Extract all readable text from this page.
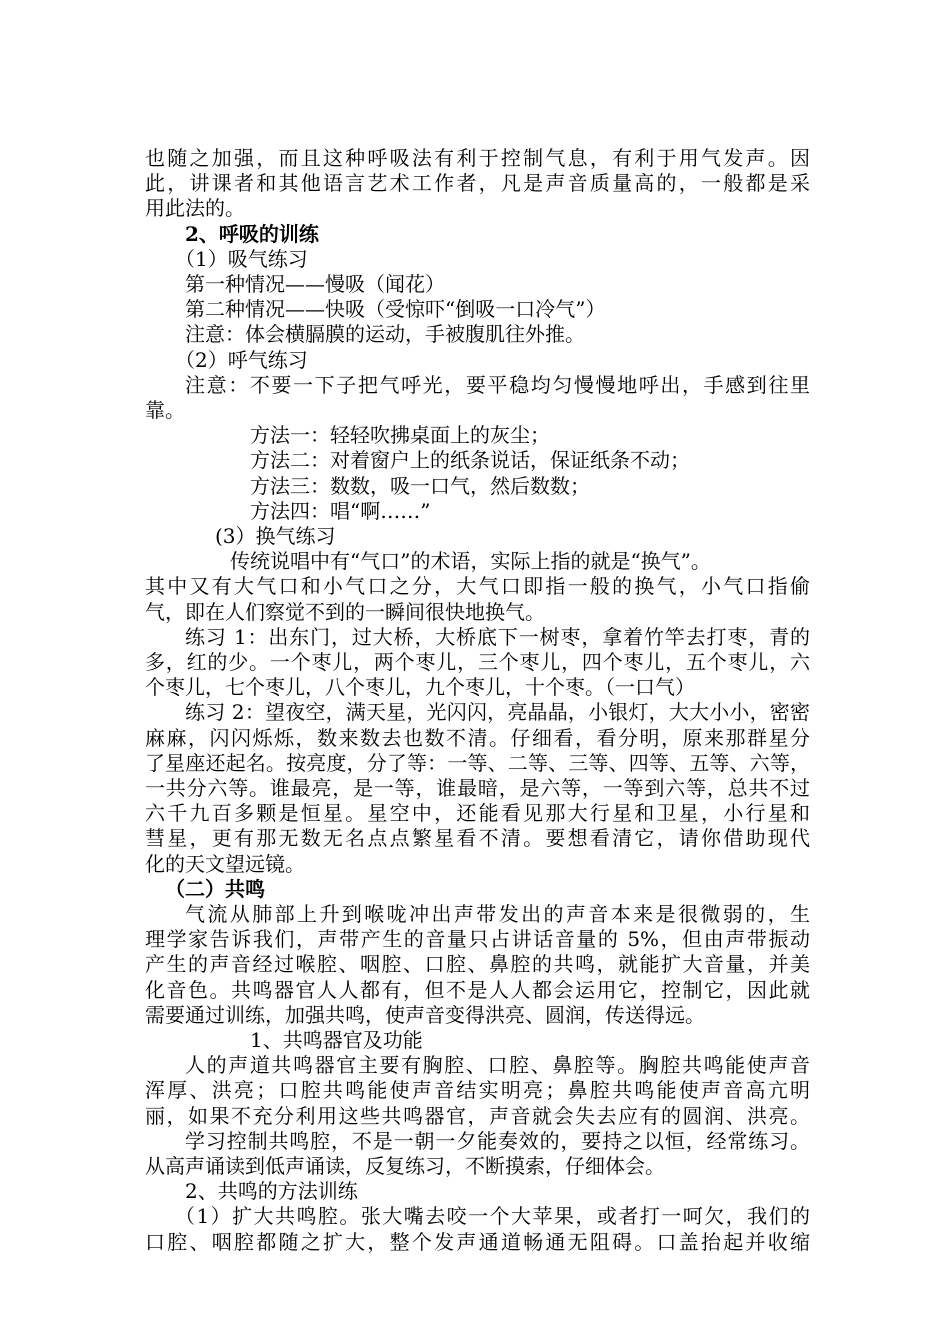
也随之加强，而且这种呼吸法有利于控制气息，有利于用气发声。因
此，讲课者和其他语言艺术工作者，凡是声音质量高的，一般都是采
用此法的。
2、呼吸的训练
（1）吸气练习
第一种情况——慢吸（闻花）
第二种情况——快吸（受惊吓“倒吸一口冷气”）
注意：体会横膈膜的运动，手被腹肌往外推。
（2）呼气练习
注意：不要一下子把气呼光，要平稳均匀慢慢地呼出，手感到往里
靠。
方法一：轻轻吹拂桌面上的灰尘；
方法二：对着窗户上的纸条说话，保证纸条不动；
方法三：数数，吸一口气，然后数数；
方法四：唱“啊……”
(3）换气练习
传统说唱中有“气口”的术语，实际上指的就是“换气”。
其中又有大气口和小气口之分，大气口即指一般的换气，小气口指偷
气，即在人们察觉不到的一瞬间很快地换气。
练习 1：出东门，过大桥，大桥底下一树枣，拿着竹竿去打枣，青的
多，红的少。一个枣儿，两个枣儿，三个枣儿，四个枣儿，五个枣儿，六
个枣儿，七个枣儿，八个枣儿，九个枣儿，十个枣。（一口气）
练习 2：望夜空，满天星，光闪闪，亮晶晶，小银灯，大大小小，密密
麻麻，闪闪烁烁，数来数去也数不清。仔细看，看分明，原来那群星分
了星座还起名。按亮度，分了等：一等、二等、三等、四等、五等、六等，
一共分六等。谁最亮，是一等，谁最暗，是六等，一等到六等，总共不过
六千九百多颗是恒星。星空中，还能看见那大行星和卫星，小行星和
彗星，更有那无数无名点点繁星看不清。要想看清它，请你借助现代
化的天文望远镜。
（二）共鸣
气流从肺部上升到喉咙冲出声带发出的声音本来是很微弱的，生
理学家告诉我们，声带产生的音量只占讲话音量的 5%，但由声带振动
产生的声音经过喉腔、咽腔、口腔、鼻腔的共鸣，就能扩大音量，并美
化音色。共鸣器官人人都有，但不是人人都会运用它，控制它，因此就
需要通过训练，加强共鸣，使声音变得洪亮、圆润，传送得远。
1、共鸣器官及功能
人的声道共鸣器官主要有胸腔、口腔、鼻腔等。胸腔共鸣能使声音
浑厚、洪亮；口腔共鸣能使声音结实明亮；鼻腔共鸣能使声音高亢明
丽，如果不充分利用这些共鸣器官，声音就会失去应有的圆润、洪亮。
学习控制共鸣腔，不是一朝一夕能奏效的，要持之以恒，经常练习。
从高声诵读到低声诵读，反复练习，不断摸索，仔细体会。
2、共鸣的方法训练
（1）扩大共鸣腔。张大嘴去咬一个大苹果，或者打一呵欠，我们的
口腔、咽腔都随之扩大，整个发声通道畅通无阻碍。口盖抬起并收缩
